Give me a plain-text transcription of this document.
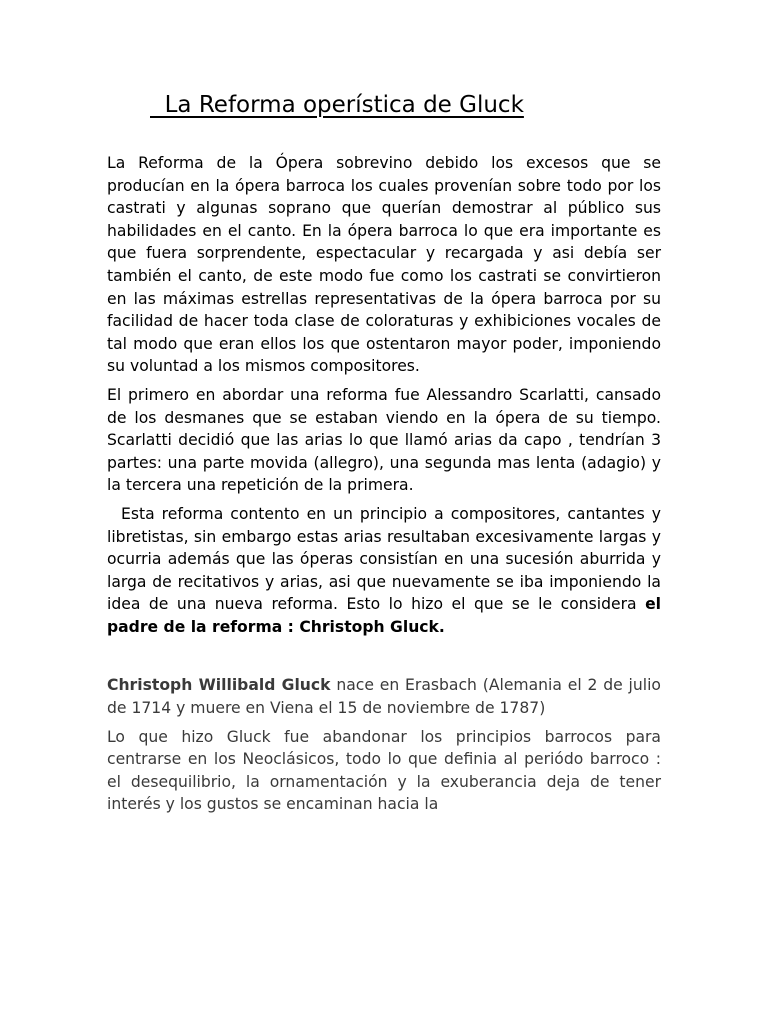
La Reforma operística de Gluck

La Reforma de la Ópera sobrevino debido los excesos que se producían en la ópera barroca los cuales provenían sobre todo por los castrati y algunas soprano que querían demostrar al público sus habilidades en el canto. En la ópera barroca lo que era importante es que fuera sorprendente, espectacular y recargada y asi debía ser también el canto, de este modo fue como los castrati se convirtieron en las máximas estrellas representativas de la ópera barroca por su facilidad de hacer toda clase de coloraturas y exhibiciones vocales de tal modo que eran ellos los que ostentaron mayor poder, imponiendo su voluntad a los mismos compositores.

El primero en abordar una reforma fue Alessandro Scarlatti, cansado de los desmanes que se estaban viendo en la ópera de su tiempo. Scarlatti decidió que las arias lo que llamó arias da capo , tendrían 3 partes: una parte movida (allegro), una segunda mas lenta (adagio) y la tercera una repetición de la primera.

Esta reforma contento en un principio a compositores, cantantes y libretistas, sin embargo estas arias resultaban excesivamente largas y ocurria además que las óperas consistían en una sucesión aburrida y larga de recitativos y arias, asi que nuevamente se iba imponiendo la idea de una nueva reforma. Esto lo hizo el que se le considera el padre de la reforma : Christoph Gluck.

Christoph Willibald Gluck nace en Erasbach (Alemania el 2 de julio de 1714 y muere en Viena el 15 de noviembre de 1787)

Lo que hizo Gluck fue abandonar los principios barrocos para centrarse en los Neoclásicos, todo lo que definia al periódo barroco : el desequilibrio, la ornamentación y la exuberancia deja de tener interés y los gustos se encaminan hacia la
